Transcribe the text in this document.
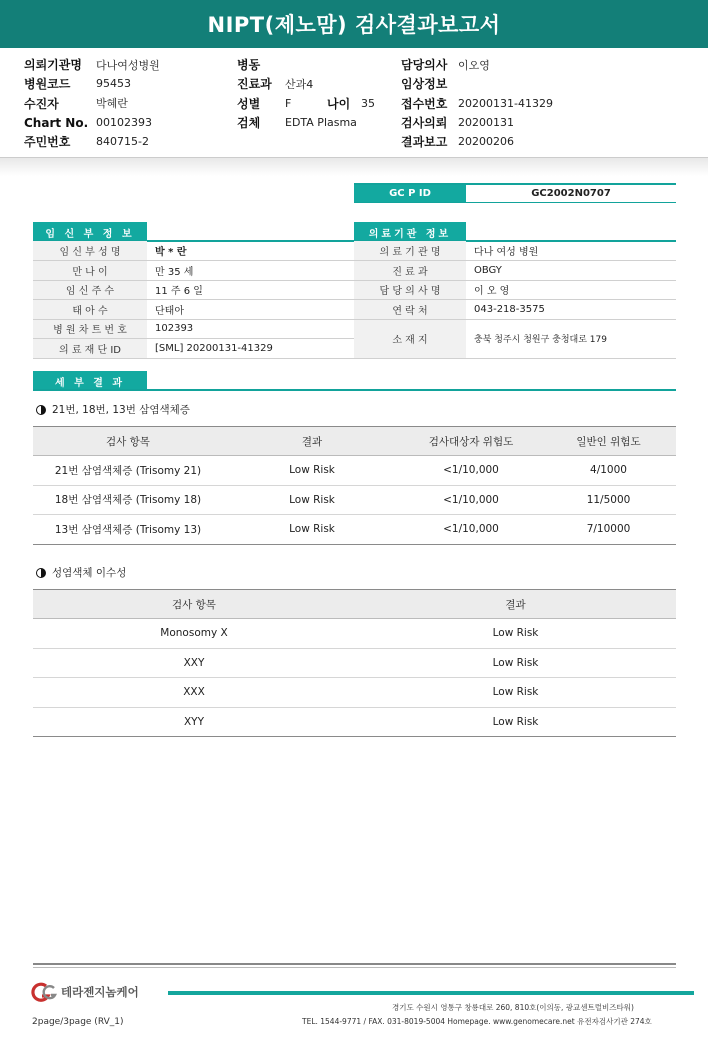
NIPT(제노맘) 검사결과보고서
의뢰기관명	다나여성병원
병원코드	95453
수진자	박혜란
Chart No. 00102393
주민번호	840715-2
병동
진료과	산과4
성별	F	나이 35
검체	EDTA Plasma
담당의사 이오영
임상정보
접수번호 20200131-41329
검사의뢰 20200131
결과보고 20200206
GC P ID	GC2002N0707
임 신 부 정 보
임 신 부 성 명	박 * 란
만 나 이	만 35 세
임 신 주 수	11 주 6 일
태 아 수	단태아
병 원 차 트 번 호	102393
의 료 재 단 ID	[SML] 20200131-41329
의료기관 정보
의 료 기 관 명	다나 여성 병원
진 료 과	OBGY
담 당 의 사 명	이 오 영
연 락 처	043-218-3575
소 재 지	충북 청주시 청원구 충청대로 179
세 부 결 과
21번, 18번, 13번 삼염색체증
검사 항목	결과	검사대상자 위험도	일반인 위험도
21번 삼염색체증 (Trisomy 21)	Low Risk	<1/10,000	4/1000
18번 삼염색체증 (Trisomy 18)	Low Risk	<1/10,000	11/5000
13번 삼염색체증 (Trisomy 13)	Low Risk	<1/10,000	7/10000
성염색체 이수성
검사 항목	결과
Monosomy X	Low Risk
XXY	Low Risk
XXX	Low Risk
XYY	Low Risk
테라젠지놈케어
경기도 수원시 영통구 창룡대로 260, 810호(이의동, 광교센트럴비즈타워)
TEL. 1544-9771 / FAX. 031-8019-5004 Homepage. www.genomecare.net 유전자검사기관 274호
2page/3page (RV_1)
